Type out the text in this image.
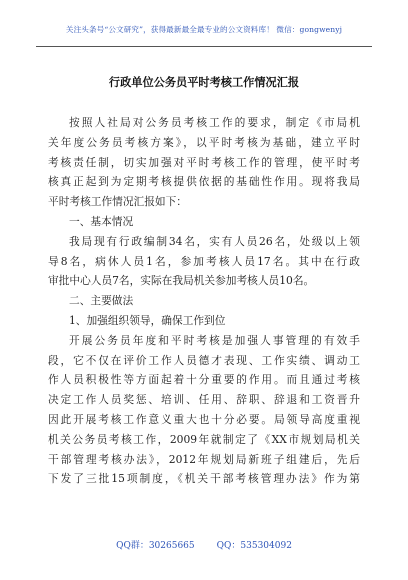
关注头条号“公文研究”，获得最新最全最专业的公文资料库！ 微信：gongwenyj
行政单位公务员平时考核工作情况汇报

按照人社局对公务员考核工作的要求，制定《市局机
关年度公务员考核方案》，以平时考核为基础，建立平时
考核责任制，切实加强对平时考核工作的管理，使平时考
核真正起到为定期考核提供依据的基础性作用。现将我局
平时考核工作情况汇报如下：

一、基本情况

我局现有行政编制34名，实有人员26名，处级以上领
导8名，病休人员1名，参加考核人员17名。其中在行政
审批中心人员7名，实际在我局机关参加考核人员10名。

二、主要做法

1、加强组织领导，确保工作到位

开展公务员年度和平时考核是加强人事管理的有效手
段，它不仅在评价工作人员德才表现、工作实绩、调动工
作人员积极性等方面起着十分重要的作用。而且通过考核
决定工作人员奖惩、培训、任用、辞职、辞退和工资晋升
因此开展考核工作意义重大也十分必要。局领导高度重视
机关公务员考核工作，2009年就制定了《XX市规划局机关
干部管理考核办法》，2012年规划局新班子组建后，先后
下发了三批15项制度，《机关干部考核管理办法》作为第

QQ群：30265665 QQ：535304092
